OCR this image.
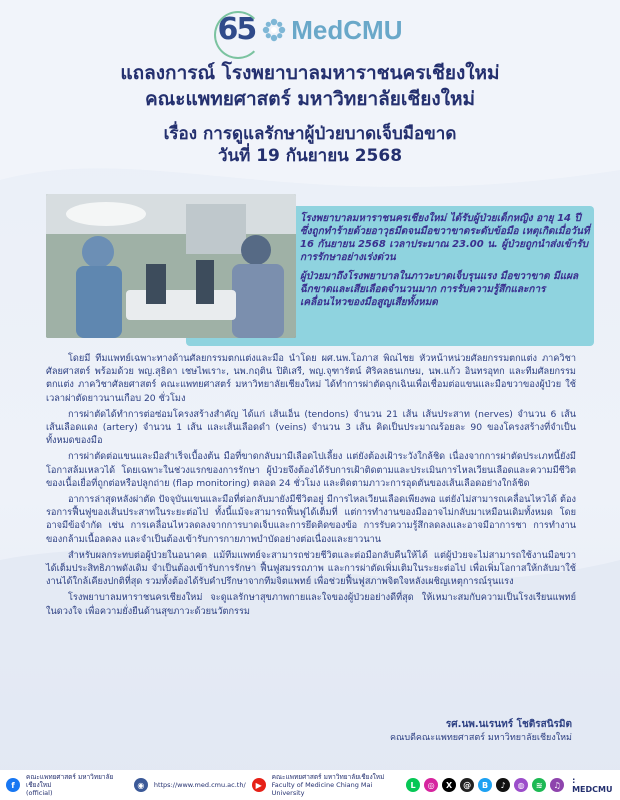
65 MedCMU

แถลงการณ์ โรงพยาบาลมหาราชนครเชียงใหม่

คณะแพทยศาสตร์ มหาวิทยาลัยเชียงใหม่

เรื่อง การดูแลรักษาผู้ป่วยบาดเจ็บมือขาด

วันที่ 19 กันยายน 2568

โรงพยาบาลมหาราชนครเชียงใหม่ ได้รับผู้ป่วยเด็กหญิง อายุ 14 ปี ซึ่งถูกทำร้ายด้วยอาวุธมีดจนมือขวาขาดระดับข้อมือ เหตุเกิดเมื่อวันที่ 16 กันยายน 2568 เวลาประมาณ 23.00 น. ผู้ป่วยถูกนำส่งเข้ารับการรักษาอย่างเร่งด่วน

ผู้ป่วยมาถึงโรงพยาบาลในภาวะบาดเจ็บรุนแรง มือขวาขาด มีแผลฉีกขาดและเสียเลือดจำนวนมาก การรับความรู้สึกและการเคลื่อนไหวของมือสูญเสียทั้งหมด

โดยมี ทีมแพทย์เฉพาะทางด้านศัลยกรรมตกแต่งและมือ นำโดย ผศ.นพ.โอภาส พิณไชย หัวหน้าหน่วยศัลยกรรมตกแต่ง ภาควิชาศัลยศาสตร์ พร้อมด้วย พญ.สุธิดา เชษไพเราะ, นพ.กฤติน ปิติเสรี, พญ.จุฑารัตน์ ศิริคลธนเกษม, นพ.แก้ว อินทรอุทก และทีมศัลยกรรมตกแต่ง ภาควิชาศัลยศาสตร์ คณะแพทยศาสตร์ มหาวิทยาลัยเชียงใหม่ ได้ทำการผ่าตัดฉุกเฉินเพื่อเชื่อมต่อแขนและมือขวาของผู้ป่วย ใช้เวลาผ่าตัดยาวนานเกือบ 20 ชั่วโมง

การผ่าตัดได้ทำการต่อซ่อมโครงสร้างสำคัญ ได้แก่ เส้นเอ็น (tendons) จำนวน 21 เส้น เส้นประสาท (nerves) จำนวน 6 เส้น เส้นเลือดแดง (artery) จำนวน 1 เส้น และเส้นเลือดดำ (veins) จำนวน 3 เส้น คิดเป็นประมาณร้อยละ 90 ของโครงสร้างที่จำเป็นทั้งหมดของมือ

การผ่าตัดต่อแขนและมือสำเร็จเบื้องต้น มือที่ขาดกลับมามีเลือดไปเลี้ยง แต่ยังต้องเฝ้าระวังใกล้ชิด เนื่องจากการผ่าตัดประเภทนี้ยังมีโอกาสล้มเหลวได้ โดยเฉพาะในช่วงแรกของการรักษา ผู้ป่วยจึงต้องได้รับการเฝ้าติดตามและประเมินการไหลเวียนเลือดและความมีชีวิตของเนื้อเยื่อที่ถูกต่อหรือปลูกถ่าย (flap monitoring) ตลอด 24 ชั่วโมง และติดตามภาวะการอุดตันของเส้นเลือดอย่างใกล้ชิด

อาการล่าสุดหลังผ่าตัด ปัจจุบันแขนและมือที่ต่อกลับมายังมีชีวิตอยู่ มีการไหลเวียนเลือดเพียงพอ แต่ยังไม่สามารถเคลื่อนไหวได้ ต้องรอการฟื้นฟูของเส้นประสาทในระยะต่อไป ทั้งนี้แม้จะสามารถฟื้นฟูได้เต็มที่ แต่การทำงานของมืออาจไม่กลับมาเหมือนเดิมทั้งหมด โดยอาจมีข้อจำกัด เช่น การเคลื่อนไหวลดลงจากการบาดเจ็บและการยึดติดของข้อ การรับความรู้สึกลดลงและอาจมีอาการชา การทำงานของกล้ามเนื้อลดลง และจำเป็นต้องเข้ารับการกายภาพบำบัดอย่างต่อเนื่องและยาวนาน

สำหรับผลกระทบต่อผู้ป่วยในอนาคต แม้ทีมแพทย์จะสามารถช่วยชีวิตและต่อมือกลับคืนให้ได้ แต่ผู้ป่วยจะไม่สามารถใช้งานมือขวาได้เต็มประสิทธิภาพดังเดิม จำเป็นต้องเข้ารับการรักษา ฟื้นฟูสมรรถภาพ และการผ่าตัดเพิ่มเติมในระยะต่อไป เพื่อเพิ่มโอกาสให้กลับมาใช้งานได้ใกล้เคียงปกติที่สุด รวมทั้งต้องได้รับคำปรึกษาจากทีมจิตแพทย์ เพื่อช่วยฟื้นฟูสภาพจิตใจหลังเผชิญเหตุการณ์รุนแรง

โรงพยาบาลมหาราชนครเชียงใหม่ จะดูแลรักษาสุขภาพกายและใจของผู้ป่วยอย่างดีที่สุด ให้เหมาะสมกับความเป็นโรงเรียนแพทย์ในดวงใจ เพื่อความยั่งยืนด้านสุขภาวะด้วยนวัตกรรม

รศ.นพ.นเรนทร์ โชติรสนิรมิต

คณบดีคณะแพทยศาสตร์ มหาวิทยาลัยเชียงใหม่

f
คณะแพทยศาสตร์ มหาวิทยาลัยเชียงใหม่
(official)
◉	https://www.med.cmu.ac.th/	▶
คณะแพทยศาสตร์ มหาวิทยาลัยเชียงใหม่
Faculty of Medicine Chiang Mai University
L	◎	X	@	B	♪	◍	≋	♫	: MEDCMU
